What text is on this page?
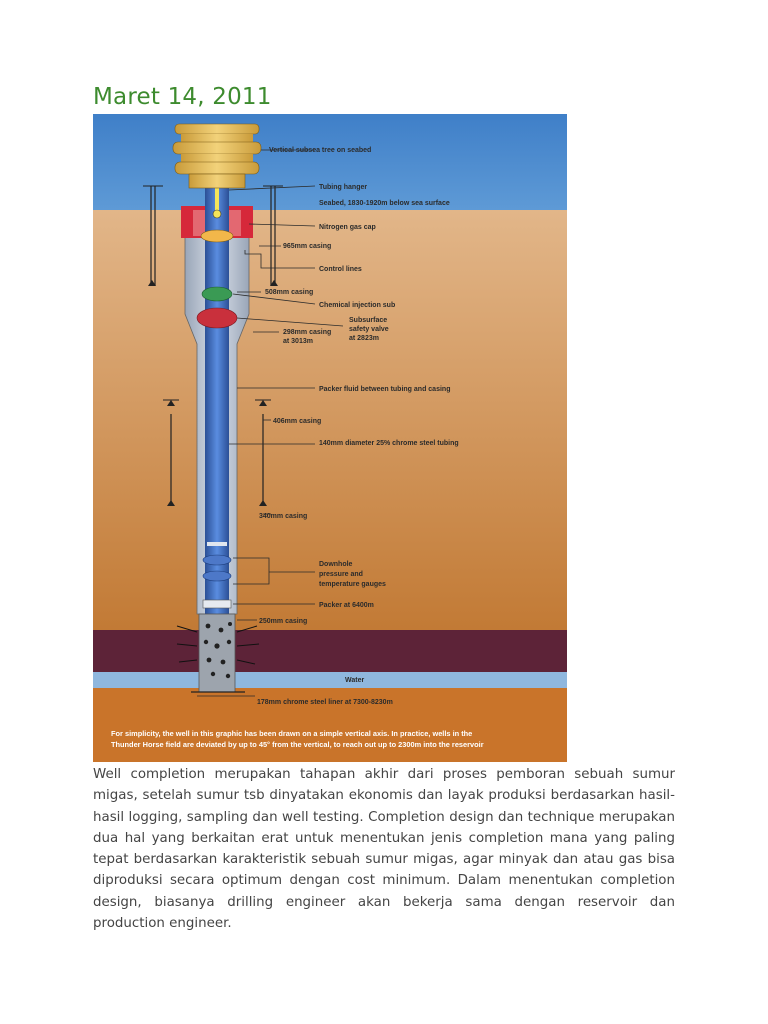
Maret 14, 2011
Vertical subsea tree on seabed
Tubing hanger
Seabed, 1830-1920m below sea surface
Nitrogen gas cap
965mm casing
Control lines
508mm casing
Chemical injection sub
Subsurface
safety valve
at 2823m
298mm casing
at 3013m
Packer fluid between tubing and casing
406mm casing
140mm diameter 25% chrome steel tubing
340mm casing
Downhole
pressure and
temperature gauges
Packer at 6400m
250mm casing
Water
178mm chrome steel liner at 7300-8230m
For simplicity, the well in this graphic has been drawn on a simple vertical axis. In practice, wells in the
Thunder Horse field are deviated by up to 45° from the vertical, to reach out up to 2300m into the reservoir

Well completion merupakan tahapan akhir dari proses pemboran sebuah sumur migas, setelah sumur tsb dinyatakan ekonomis dan layak produksi berdasarkan hasil-hasil logging, sampling dan well testing. Completion design dan technique merupakan dua hal yang berkaitan erat untuk menentukan jenis completion mana yang paling tepat berdasarkan karakteristik sebuah sumur migas, agar minyak dan atau gas bisa diproduksi secara optimum dengan cost minimum. Dalam menentukan completion design, biasanya drilling engineer akan bekerja sama dengan reservoir dan production engineer.
